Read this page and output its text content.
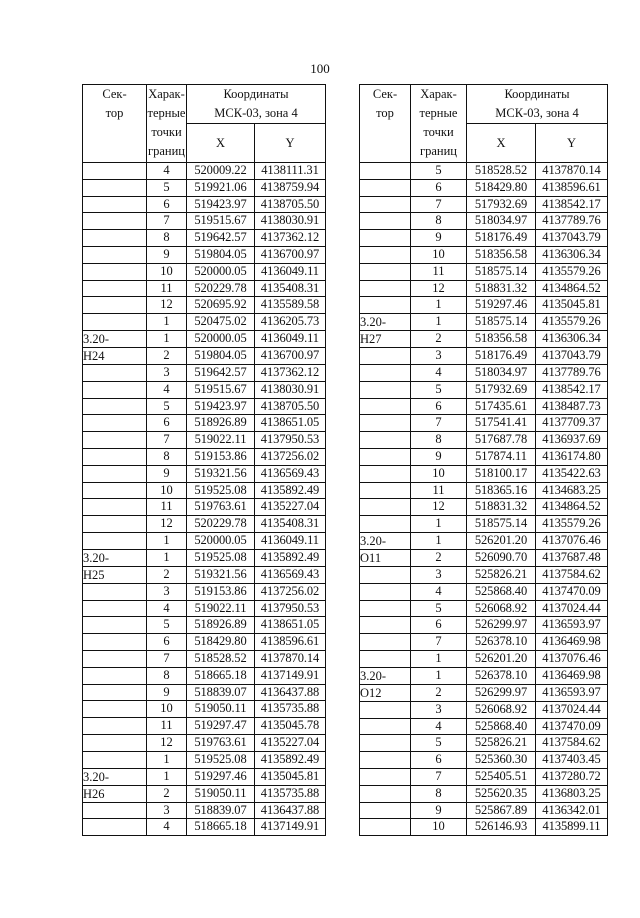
100
Сек-
тор	Харак-
терные
точки
границ	Координаты
МСК-03, зона 4	

		X	Y
	4	520009.22	4138111.31
	5	519921.06	4138759.94
	6	519423.97	4138705.50
	7	519515.67	4138030.91
	8	519642.57	4137362.12
	9	519804.05	4136700.97
	10	520000.05	4136049.11
	11	520229.78	4135408.31
	12	520695.92	4135589.58
	1	520475.02	4136205.73
3.20-	1	520000.05	4136049.11
Н24	2	519804.05	4136700.97
	3	519642.57	4137362.12
	4	519515.67	4138030.91
	5	519423.97	4138705.50
	6	518926.89	4138651.05
	7	519022.11	4137950.53
	8	519153.86	4137256.02
	9	519321.56	4136569.43
	10	519525.08	4135892.49
	11	519763.61	4135227.04
	12	520229.78	4135408.31
	1	520000.05	4136049.11
3.20-	1	519525.08	4135892.49
Н25	2	519321.56	4136569.43
	3	519153.86	4137256.02
	4	519022.11	4137950.53
	5	518926.89	4138651.05
	6	518429.80	4138596.61
	7	518528.52	4137870.14
	8	518665.18	4137149.91
	9	518839.07	4136437.88
	10	519050.11	4135735.88
	11	519297.47	4135045.78
	12	519763.61	4135227.04
	1	519525.08	4135892.49
3.20-	1	519297.46	4135045.81
Н26	2	519050.11	4135735.88
	3	518839.07	4136437.88
	4	518665.18	4137149.91
Сек-
тор	Харак-
терные
точки
границ	Координаты
МСК-03, зона 4	

		X	Y
	5	518528.52	4137870.14
	6	518429.80	4138596.61
	7	517932.69	4138542.17
	8	518034.97	4137789.76
	9	518176.49	4137043.79
	10	518356.58	4136306.34
	11	518575.14	4135579.26
	12	518831.32	4134864.52
	1	519297.46	4135045.81
3.20-	1	518575.14	4135579.26
Н27	2	518356.58	4136306.34
	3	518176.49	4137043.79
	4	518034.97	4137789.76
	5	517932.69	4138542.17
	6	517435.61	4138487.73
	7	517541.41	4137709.37
	8	517687.78	4136937.69
	9	517874.11	4136174.80
	10	518100.17	4135422.63
	11	518365.16	4134683.25
	12	518831.32	4134864.52
	1	518575.14	4135579.26
3.20-	1	526201.20	4137076.46
О11	2	526090.70	4137687.48
	3	525826.21	4137584.62
	4	525868.40	4137470.09
	5	526068.92	4137024.44
	6	526299.97	4136593.97
	7	526378.10	4136469.98
	1	526201.20	4137076.46
3.20-	1	526378.10	4136469.98
О12	2	526299.97	4136593.97
	3	526068.92	4137024.44
	4	525868.40	4137470.09
	5	525826.21	4137584.62
	6	525360.30	4137403.45
	7	525405.51	4137280.72
	8	525620.35	4136803.25
	9	525867.89	4136342.01
	10	526146.93	4135899.11
